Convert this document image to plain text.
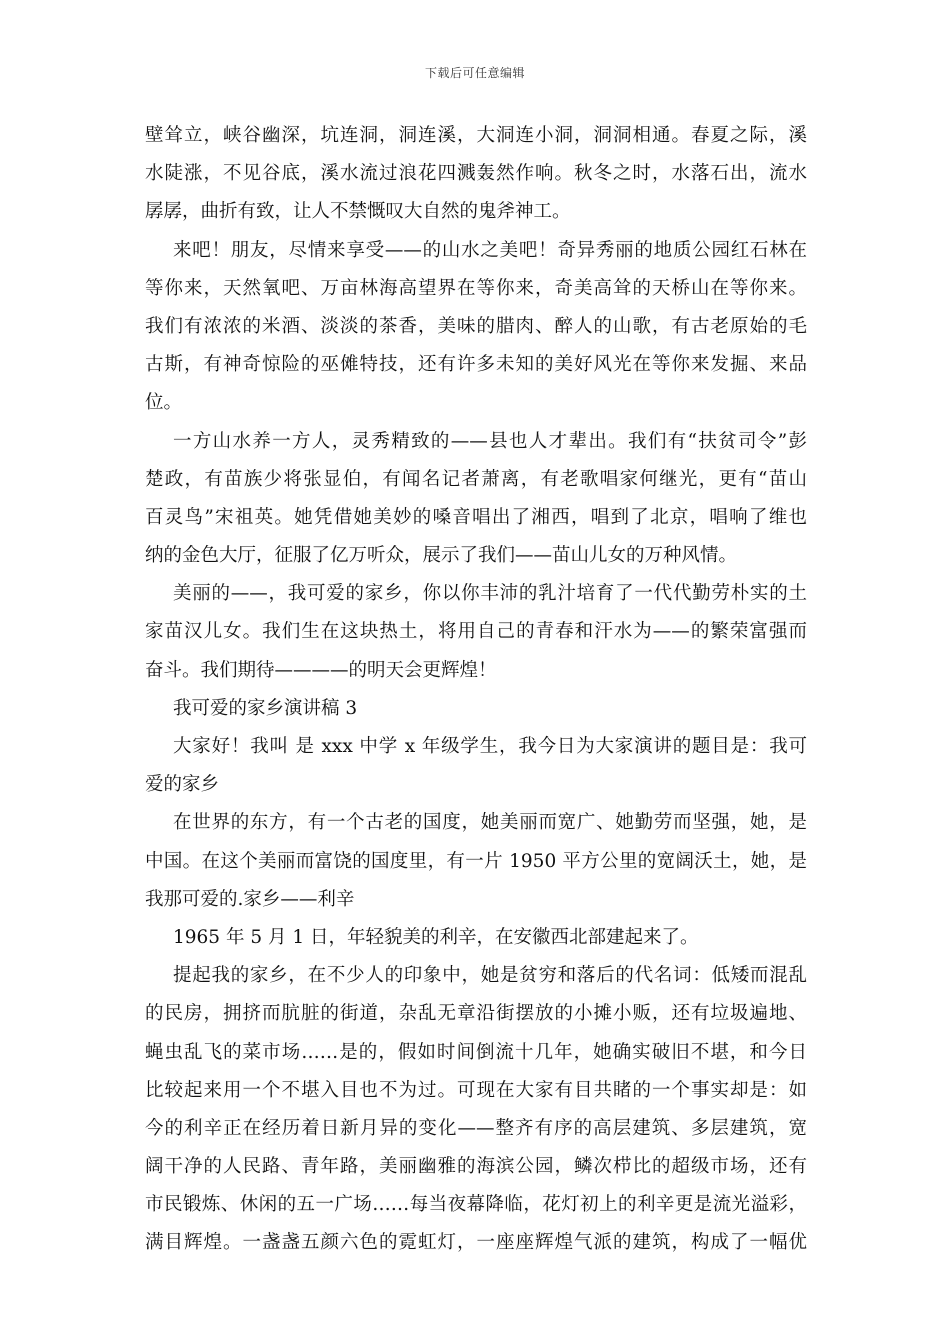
下载后可任意编辑
壁耸立，峡谷幽深，坑连洞，洞连溪，大洞连小洞，洞洞相通。春夏之际，溪
水陡涨，不见谷底，溪水流过浪花四溅轰然作响。秋冬之时，水落石出，流水
孱孱，曲折有致，让人不禁慨叹大自然的鬼斧神工。
来吧！朋友，尽情来享受——的山水之美吧！奇异秀丽的地质公园红石林在
等你来，天然氧吧、万亩林海高望界在等你来，奇美高耸的天桥山在等你来。
我们有浓浓的米酒、淡淡的茶香，美味的腊肉、醉人的山歌，有古老原始的毛
古斯，有神奇惊险的巫傩特技，还有许多未知的美好风光在等你来发掘、来品
位。
一方山水养一方人，灵秀精致的——县也人才辈出。我们有“扶贫司令”彭
楚政，有苗族少将张显伯，有闻名记者萧离，有老歌唱家何继光，更有“苗山
百灵鸟”宋祖英。她凭借她美妙的嗓音唱出了湘西，唱到了北京，唱响了维也
纳的金色大厅，征服了亿万听众，展示了我们——苗山儿女的万种风情。
美丽的——，我可爱的家乡，你以你丰沛的乳汁培育了一代代勤劳朴实的土
家苗汉儿女。我们生在这块热土，将用自己的青春和汗水为——的繁荣富强而
奋斗。我们期待————的明天会更辉煌！
我可爱的家乡演讲稿 3
大家好！我叫 是 xxx 中学 x 年级学生，我今日为大家演讲的题目是：我可
爱的家乡
在世界的东方，有一个古老的国度，她美丽而宽广、她勤劳而坚强，她，是
中国。在这个美丽而富饶的国度里，有一片 1950 平方公里的宽阔沃土，她，是
我那可爱的.家乡——利辛
1965 年 5 月 1 日，年轻貌美的利辛，在安徽西北部建起来了。
提起我的家乡，在不少人的印象中，她是贫穷和落后的代名词：低矮而混乱
的民房，拥挤而肮脏的街道，杂乱无章沿街摆放的小摊小贩，还有垃圾遍地、
蝇虫乱飞的菜市场……是的，假如时间倒流十几年，她确实破旧不堪，和今日
比较起来用一个不堪入目也不为过。可现在大家有目共睹的一个事实却是：如
今的利辛正在经历着日新月异的变化——整齐有序的高层建筑、多层建筑，宽
阔干净的人民路、青年路，美丽幽雅的海滨公园，鳞次栉比的超级市场，还有
市民锻炼、休闲的五一广场……每当夜幕降临，花灯初上的利辛更是流光溢彩，
满目辉煌。一盏盏五颜六色的霓虹灯，一座座辉煌气派的建筑，构成了一幅优
